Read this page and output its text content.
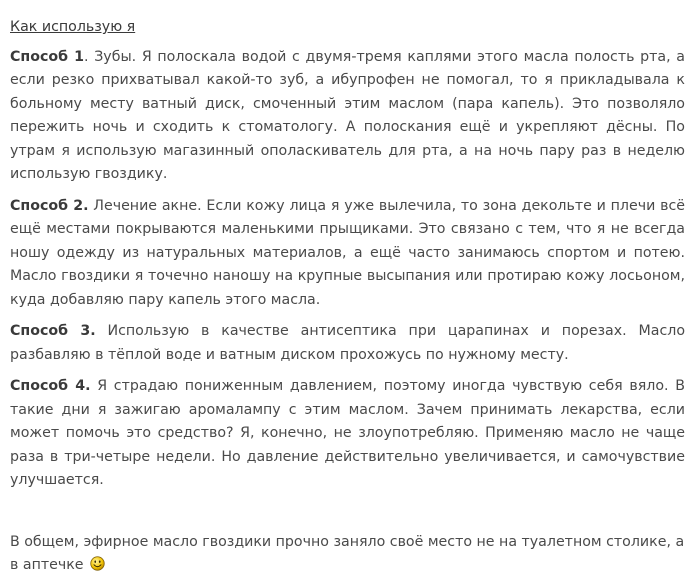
Как использую я

Способ 1. Зубы. Я полоскала водой с двумя-тремя каплями этого масла полость рта, а если резко прихватывал какой-то зуб, а ибупрофен не помогал, то я прикладывала к больному месту ватный диск, смоченный этим маслом (пара капель). Это позволяло пережить ночь и сходить к стоматологу. А полоскания ещё и укрепляют дёсны. По утрам я использую магазинный ополаскиватель для рта, а на ночь пару раз в неделю использую гвоздику.

Способ 2. Лечение акне. Если кожу лица я уже вылечила, то зона декольте и плечи всё ещё местами покрываются маленькими прыщиками. Это связано с тем, что я не всегда ношу одежду из натуральных материалов, а ещё часто занимаюсь спортом и потею. Масло гвоздики я точечно наношу на крупные высыпания или протираю кожу лосьоном, куда добавляю пару капель этого масла.

Способ 3. Использую в качестве антисептика при царапинах и порезах. Масло разбавляю в тёплой воде и ватным диском прохожусь по нужному месту.

Способ 4. Я страдаю пониженным давлением, поэтому иногда чувствую себя вяло. В такие дни я зажигаю аромалампу с этим маслом. Зачем принимать лекарства, если может помочь это средство? Я, конечно, не злоупотребляю. Применяю масло не чаще раза в три-четыре недели. Но давление действительно увеличивается, и самочувствие улучшается.

В общем, эфирное масло гвоздики прочно заняло своё место не на туалетном столике, а в аптечке
